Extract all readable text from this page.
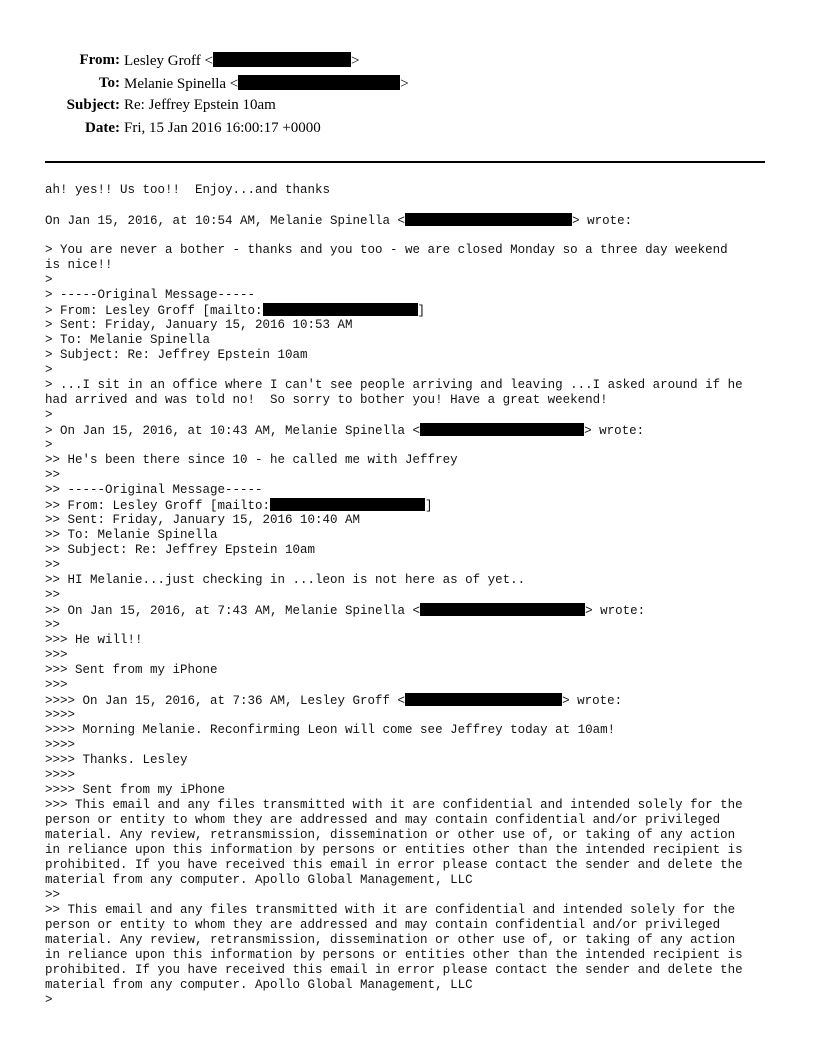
From: Lesley Groff <	>
To: Melanie Spinella <	>
Subject: Re: Jeffrey Epstein 10am
Date: Fri, 15 Jan 2016 16:00:17 +0000
ah! yes!! Us too!!  Enjoy...and thanks
On Jan 15, 2016, at 10:54 AM, Melanie Spinella <	> wrote:
> You are never a bother - thanks and you too - we are closed Monday so a three day weekend
is nice!!
>
> -----Original Message-----
> From: Lesley Groff [mailto:	]
> Sent: Friday, January 15, 2016 10:53 AM
> To: Melanie Spinella
> Subject: Re: Jeffrey Epstein 10am
>
> ...I sit in an office where I can't see people arriving and leaving ...I asked around if he
had arrived and was told no!  So sorry to bother you! Have a great weekend!
>
> On Jan 15, 2016, at 10:43 AM, Melanie Spinella <	> wrote:
>
>> He's been there since 10 - he called me with Jeffrey
>>
>> -----Original Message-----
>> From: Lesley Groff [mailto:	]
>> Sent: Friday, January 15, 2016 10:40 AM
>> To: Melanie Spinella
>> Subject: Re: Jeffrey Epstein 10am
>>
>> HI Melanie...just checking in ...leon is not here as of yet..
>>
>> On Jan 15, 2016, at 7:43 AM, Melanie Spinella <	> wrote:
>>
>>> He will!!
>>>
>>> Sent from my iPhone
>>>
>>>> On Jan 15, 2016, at 7:36 AM, Lesley Groff <	> wrote:
>>>>
>>>> Morning Melanie. Reconfirming Leon will come see Jeffrey today at 10am!
>>>>
>>>> Thanks. Lesley
>>>>
>>>> Sent from my iPhone
>>> This email and any files transmitted with it are confidential and intended solely for the
person or entity to whom they are addressed and may contain confidential and/or privileged
material. Any review, retransmission, dissemination or other use of, or taking of any action
in reliance upon this information by persons or entities other than the intended recipient is
prohibited. If you have received this email in error please contact the sender and delete the
material from any computer. Apollo Global Management, LLC
>>
>> This email and any files transmitted with it are confidential and intended solely for the
person or entity to whom they are addressed and may contain confidential and/or privileged
material. Any review, retransmission, dissemination or other use of, or taking of any action
in reliance upon this information by persons or entities other than the intended recipient is
prohibited. If you have received this email in error please contact the sender and delete the
material from any computer. Apollo Global Management, LLC
>
